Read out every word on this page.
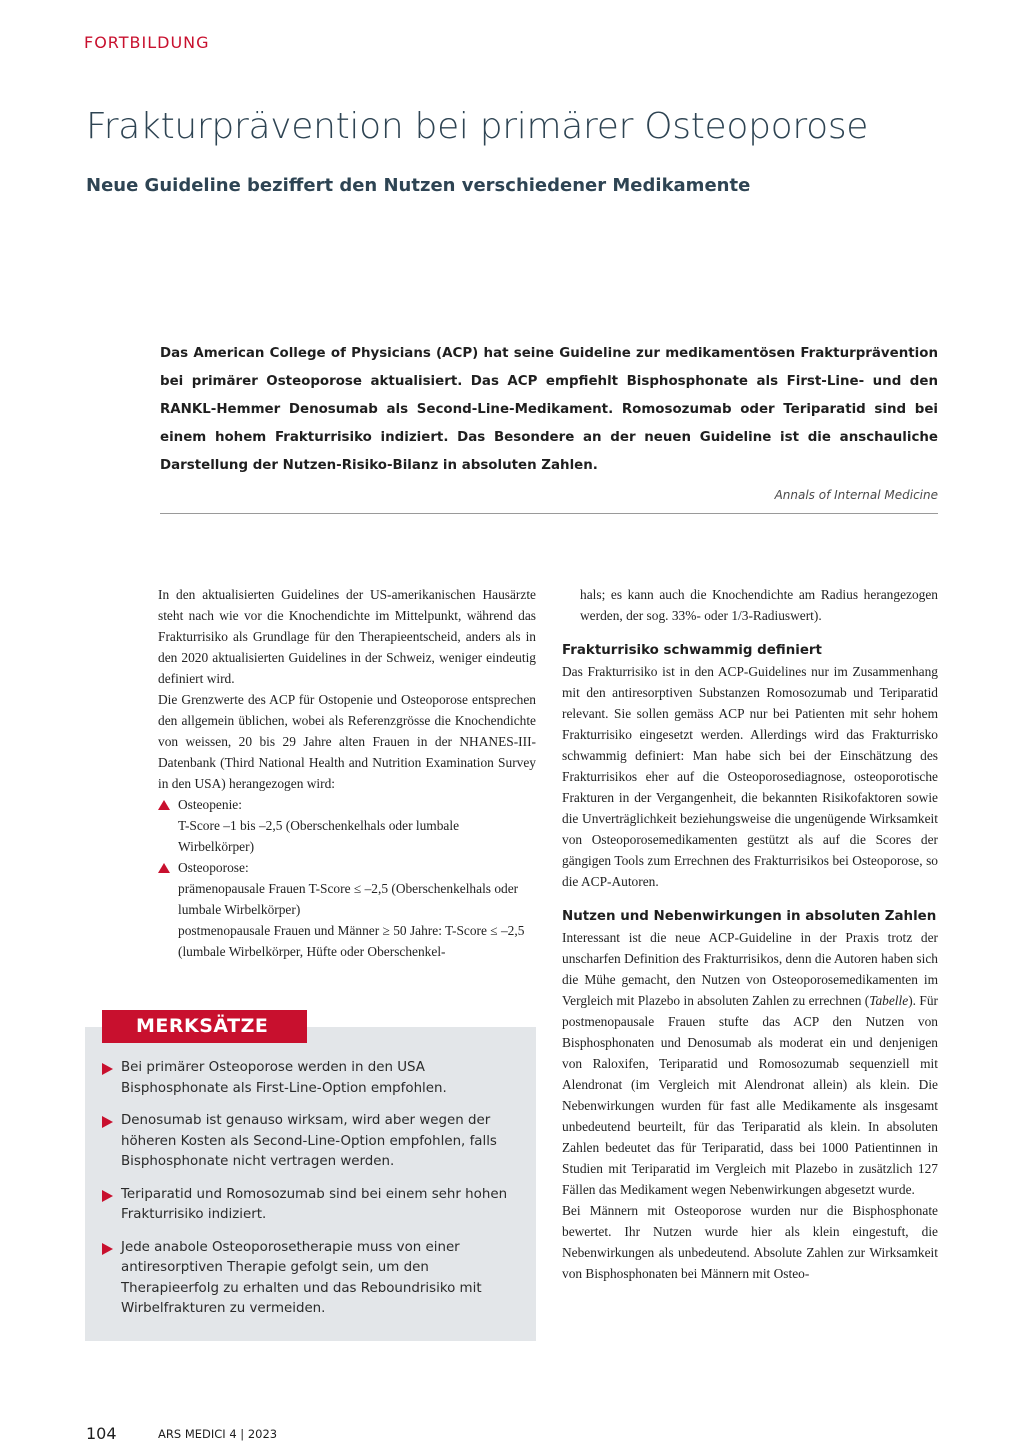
FORTBILDUNG
Frakturprävention bei primärer Osteoporose
Neue Guideline beziffert den Nutzen verschiedener Medikamente

Das American College of Physicians (ACP) hat seine Guideline zur medikamentösen Frakturprävention bei primärer Osteoporose aktualisiert. Das ACP empfiehlt Bisphosphonate als First-Line- und den RANKL-Hemmer Denosumab als Second-Line-Medikament. Romosozumab oder Teriparatid sind bei einem hohem Frakturrisiko indiziert. Das Besondere an der neuen Guideline ist die anschauliche Darstellung der Nutzen-Risiko-Bilanz in absoluten Zahlen.

Annals of Internal Medicine

In den aktualisierten Guidelines der US-amerikanischen Hausärzte steht nach wie vor die Knochendichte im Mittelpunkt, während das Frakturrisiko als Grundlage für den Therapieentscheid, anders als in den 2020 aktualisierten Guidelines in der Schweiz, weniger eindeutig definiert wird.

Die Grenzwerte des ACP für Ostopenie und Osteoporose entsprechen den allgemein üblichen, wobei als Referenzgrösse die Knochendichte von weissen, 20 bis 29 Jahre alten Frauen in der NHANES-III-Datenbank (Third National Health and Nutrition Examination Survey in den USA) herangezogen wird:

Osteopenie:
T-Score –1 bis –2,5 (Oberschenkelhals oder lumbale Wirbelkörper)
Osteoporose:
prämenopausale Frauen T-Score ≤ –2,5 (Oberschenkelhals oder lumbale Wirbelkörper)
postmenopausale Frauen und Männer ≥ 50 Jahre: T-Score ≤ –2,5 (lumbale Wirbelkörper, Hüfte oder Oberschenkel-

hals; es kann auch die Knochendichte am Radius herangezogen werden, der sog. 33%- oder 1/3-Radiuswert).

Frakturrisiko schwammig definiert

Das Frakturrisiko ist in den ACP-Guidelines nur im Zusammenhang mit den antiresorptiven Substanzen Romosozumab und Teriparatid relevant. Sie sollen gemäss ACP nur bei Patienten mit sehr hohem Frakturrisiko eingesetzt werden. Allerdings wird das Frakturrisko schwammig definiert: Man habe sich bei der Einschätzung des Frakturrisikos eher auf die Osteoporosediagnose, osteoporotische Frakturen in der Vergangenheit, die bekannten Risikofaktoren sowie die Unverträglichkeit beziehungsweise die ungenügende Wirksamkeit von Osteoporosemedikamenten gestützt als auf die Scores der gängigen Tools zum Errechnen des Frakturrisikos bei Osteoporose, so die ACP-Autoren.

Nutzen und Nebenwirkungen in absoluten Zahlen

Interessant ist die neue ACP-Guideline in der Praxis trotz der unscharfen Definition des Frakturrisikos, denn die Autoren haben sich die Mühe gemacht, den Nutzen von Osteoporosemedikamenten im Vergleich mit Plazebo in absoluten Zahlen zu errechnen (Tabelle). Für postmenopausale Frauen stufte das ACP den Nutzen von Bisphosphonaten und Denosumab als moderat ein und denjenigen von Raloxifen, Teriparatid und Romosozumab sequenziell mit Alendronat (im Vergleich mit Alendronat allein) als klein. Die Nebenwirkungen wurden für fast alle Medikamente als insgesamt unbedeutend beurteilt, für das Teriparatid als klein. In absoluten Zahlen bedeutet das für Teriparatid, dass bei 1000 Patientinnen in Studien mit Teriparatid im Vergleich mit Plazebo in zusätzlich 127 Fällen das Medikament wegen Nebenwirkungen abgesetzt wurde.

Bei Männern mit Osteoporose wurden nur die Bisphosphonate bewertet. Ihr Nutzen wurde hier als klein eingestuft, die Nebenwirkungen als unbedeutend. Absolute Zahlen zur Wirksamkeit von Bisphosphonaten bei Männern mit Osteo-

MERKSÄTZE
Bei primärer Osteoporose werden in den USA Bisphosphonate als First-Line-Option empfohlen.
Denosumab ist genauso wirksam, wird aber wegen der höheren Kosten als Second-Line-Option empfohlen, falls Bisphosphonate nicht vertragen werden.
Teriparatid und Romosozumab sind bei einem sehr hohen Frakturrisiko indiziert.
Jede anabole Osteoporosetherapie muss von einer antiresorptiven Therapie gefolgt sein, um den Therapieerfolg zu erhalten und das Reboundrisiko mit Wirbelfrakturen zu vermeiden.
104	ARS MEDICI 4 | 2023
